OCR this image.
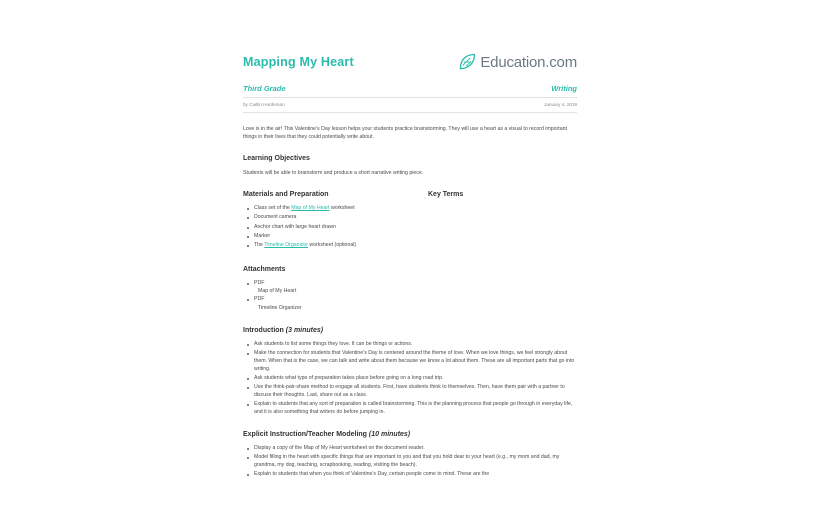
Mapping My Heart	Education.com
Third Grade	Writing
by Caitlin Hardeman	January 4, 2019

Love is in the air! This Valentine's Day lesson helps your students practice brainstorming. They will use a heart as a visual to record important things in their lives that they could potentially write about.

Learning Objectives

Students will be able to brainstorm and produce a short narrative writing piece.

Materials and Preparation
Class set of the Map of My Heart worksheet
Document camera
Anchor chart with large heart drawn
Marker
The Timeline Organizer worksheet (optional)
Key Terms
Attachments
PDF
Map of My Heart
PDF
Timeline Organizer
Introduction (3 minutes)
Ask students to list some things they love. It can be things or actions.
Make the connection for students that Valentine's Day is centered around the theme of love. When we love things, we feel strongly about them. When that is the case, we can talk and write about them because we know a lot about them. These are all important parts that go into writing.
Ask students what type of preparation takes place before going on a long road trip.
Use the think-pair-share method to engage all students. First, have students think to themselves. Then, have them pair with a partner to discuss their thoughts. Last, share out as a class.
Explain to students that any sort of preparation is called brainstorming. This is the planning process that people go through in everyday life, and it is also something that writers do before jumping in.
Explicit Instruction/Teacher Modeling (10 minutes)
Display a copy of the Map of My Heart worksheet on the document reader.
Model filling in the heart with specific things that are important to you and that you hold dear to your heart (e.g., my mom and dad, my grandma, my dog, teaching, scrapbooking, reading, visiting the beach).
Explain to students that when you think of Valentine's Day, certain people come to mind. These are the
